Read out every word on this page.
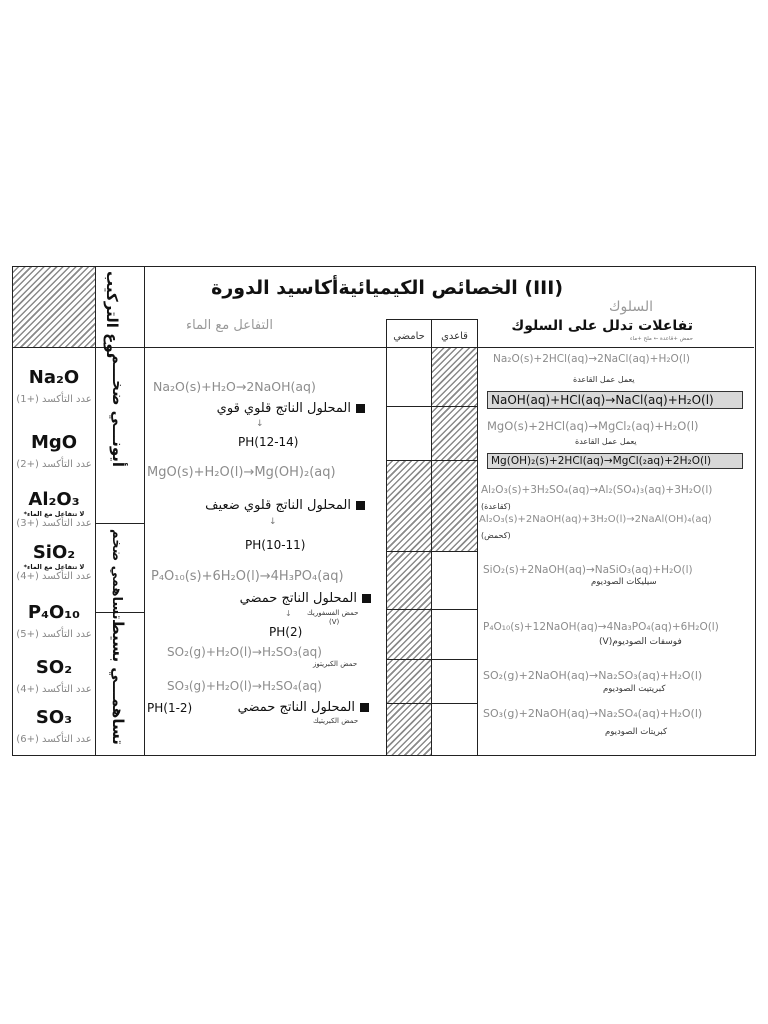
نوع التركيب	(III) الخصائص الكيميائيةأكاسيد الدورة
التفاعل مع الماء
السلوك
حامضي	قاعدي
تفاعلات تدلل على السلوك
حمض +قاعدة ← ملح +ماء
أيونـــي ضخـــم
تساهمي ضخم
تساهمـــي بسيط
Na₂O
عدد التأكسد (+1)
MgO
عدد التأكسد (+2)
Al₂O₃
لا تتفاعل مع الماء*
عدد التأكسد (+3)
SiO₂
لا تتفاعل مع الماء*
عدد التأكسد (+4)
P₄O₁₀
عدد التأكسد (+5)
SO₂
عدد التأكسد (+4)
SO₃
عدد التأكسد (+6)
Na₂O(s)+H₂O→2NaOH(aq)
المحلول الناتج قلوي قوي
↓
PH(12-14)
MgO(s)+H₂O(l)→Mg(OH)₂(aq)
المحلول الناتج قلوي ضعيف
↓
PH(10-11)
P₄O₁₀(s)+6H₂O(l)→4H₃PO₄(aq)
المحلول الناتج حمضي
حمض الفسفوريك
↓
(V)
PH(2)
SO₂(g)+H₂O(l)→H₂SO₃(aq)
حمض الكبريتوز
SO₃(g)+H₂O(l)→H₂SO₄(aq)
المحلول الناتج حمضي
PH(1-2)
حمض الكبريتيك
Na₂O(s)+2HCl(aq)→2NaCl(aq)+H₂O(l)
يعمل عمل القاعدة
NaOH(aq)+HCl(aq)→NaCl(aq)+H₂O(l)
MgO(s)+2HCl(aq)→MgCl₂(aq)+H₂O(l)
يعمل عمل القاعدة
Mg(OH)₂(s)+2HCl(aq)→MgCl(₂aq)+2H₂O(l)
Al₂O₃(s)+3H₂SO₄(aq)→Al₂(SO₄)₃(aq)+3H₂O(l)
(كقاعدة)
Al₂O₃(s)+2NaOH(aq)+3H₂O(l)→2NaAl(OH)₄(aq)
(كحمض)
SiO₂(s)+2NaOH(aq)→NaSiO₃(aq)+H₂O(l)
سيليكات الصوديوم
P₄O₁₀(s)+12NaOH(aq)→4Na₃PO₄(aq)+6H₂O(l)
فوسفات الصوديوم(V)
SO₂(g)+2NaOH(aq)→Na₂SO₃(aq)+H₂O(l)
كبريتيت الصوديوم
SO₃(g)+2NaOH(aq)→Na₂SO₄(aq)+H₂O(l)
كبريتات الصوديوم
